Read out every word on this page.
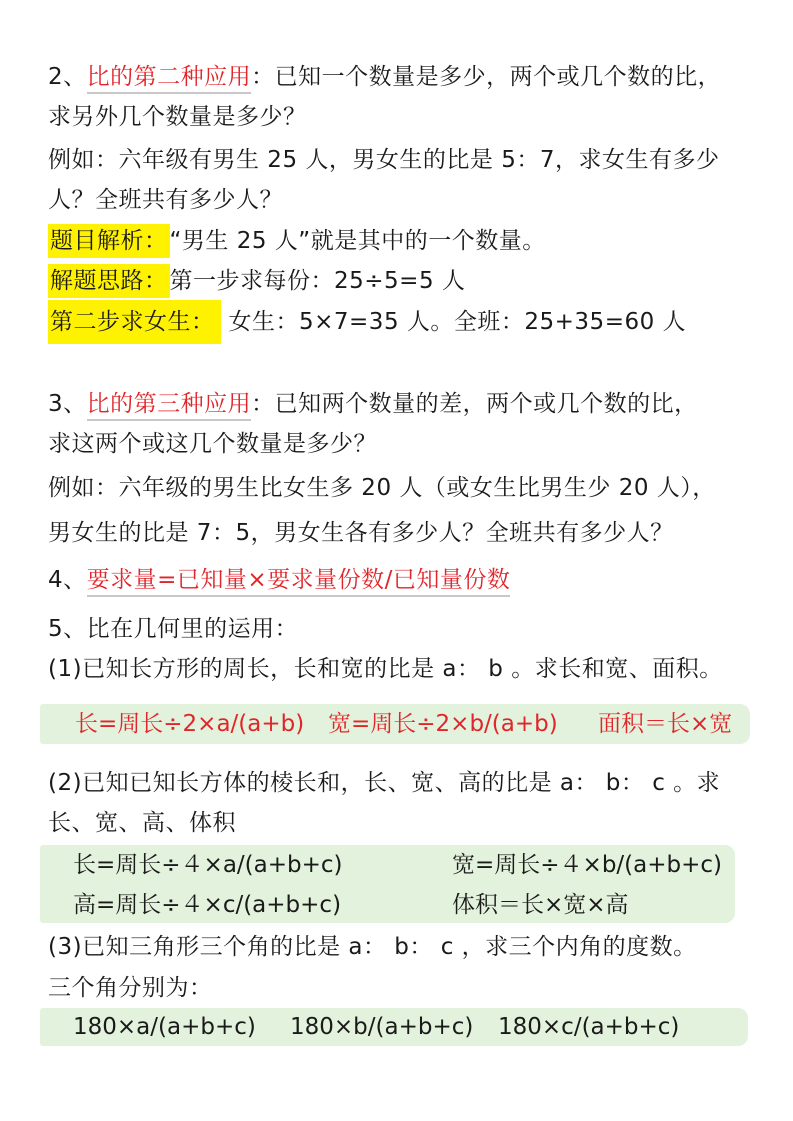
2、比的第二种应用：已知一个数量是多少，两个或几个数的比，
求另外几个数量是多少？
例如：六年级有男生 25 人，男女生的比是 5：7，求女生有多少
人？全班共有多少人？
题目解析：“男生 25 人”就是其中的一个数量。
解题思路：第一步求每份：25÷5=5 人
第二步求女生： 女生：5×7=35 人。全班：25+35=60 人
3、比的第三种应用：已知两个数量的差，两个或几个数的比，
求这两个或这几个数量是多少？
例如：六年级的男生比女生多 20 人（或女生比男生少 20 人），
男女生的比是 7：5，男女生各有多少人？全班共有多少人？
4、要求量=已知量×要求量份数/已知量份数
5、比在几何里的运用：
(1)已知长方形的周长，长和宽的比是 a： b 。求长和宽、面积。
长=周长÷2×a/(a+b) 宽=周长÷2×b/(a+b) 面积＝长×宽
(2)已知已知长方体的棱长和，长、宽、高的比是 a： b： c 。求
长、宽、高、体积
长=周长÷４×a/(a+b+c)	宽=周长÷４×b/(a+b+c)
高=周长÷４×c/(a+b+c)	体积＝长×宽×高
(3)已知三角形三个角的比是 a： b： c ，求三个内角的度数。
三个角分别为：
180×a/(a+b+c) 180×b/(a+b+c) 180×c/(a+b+c)
